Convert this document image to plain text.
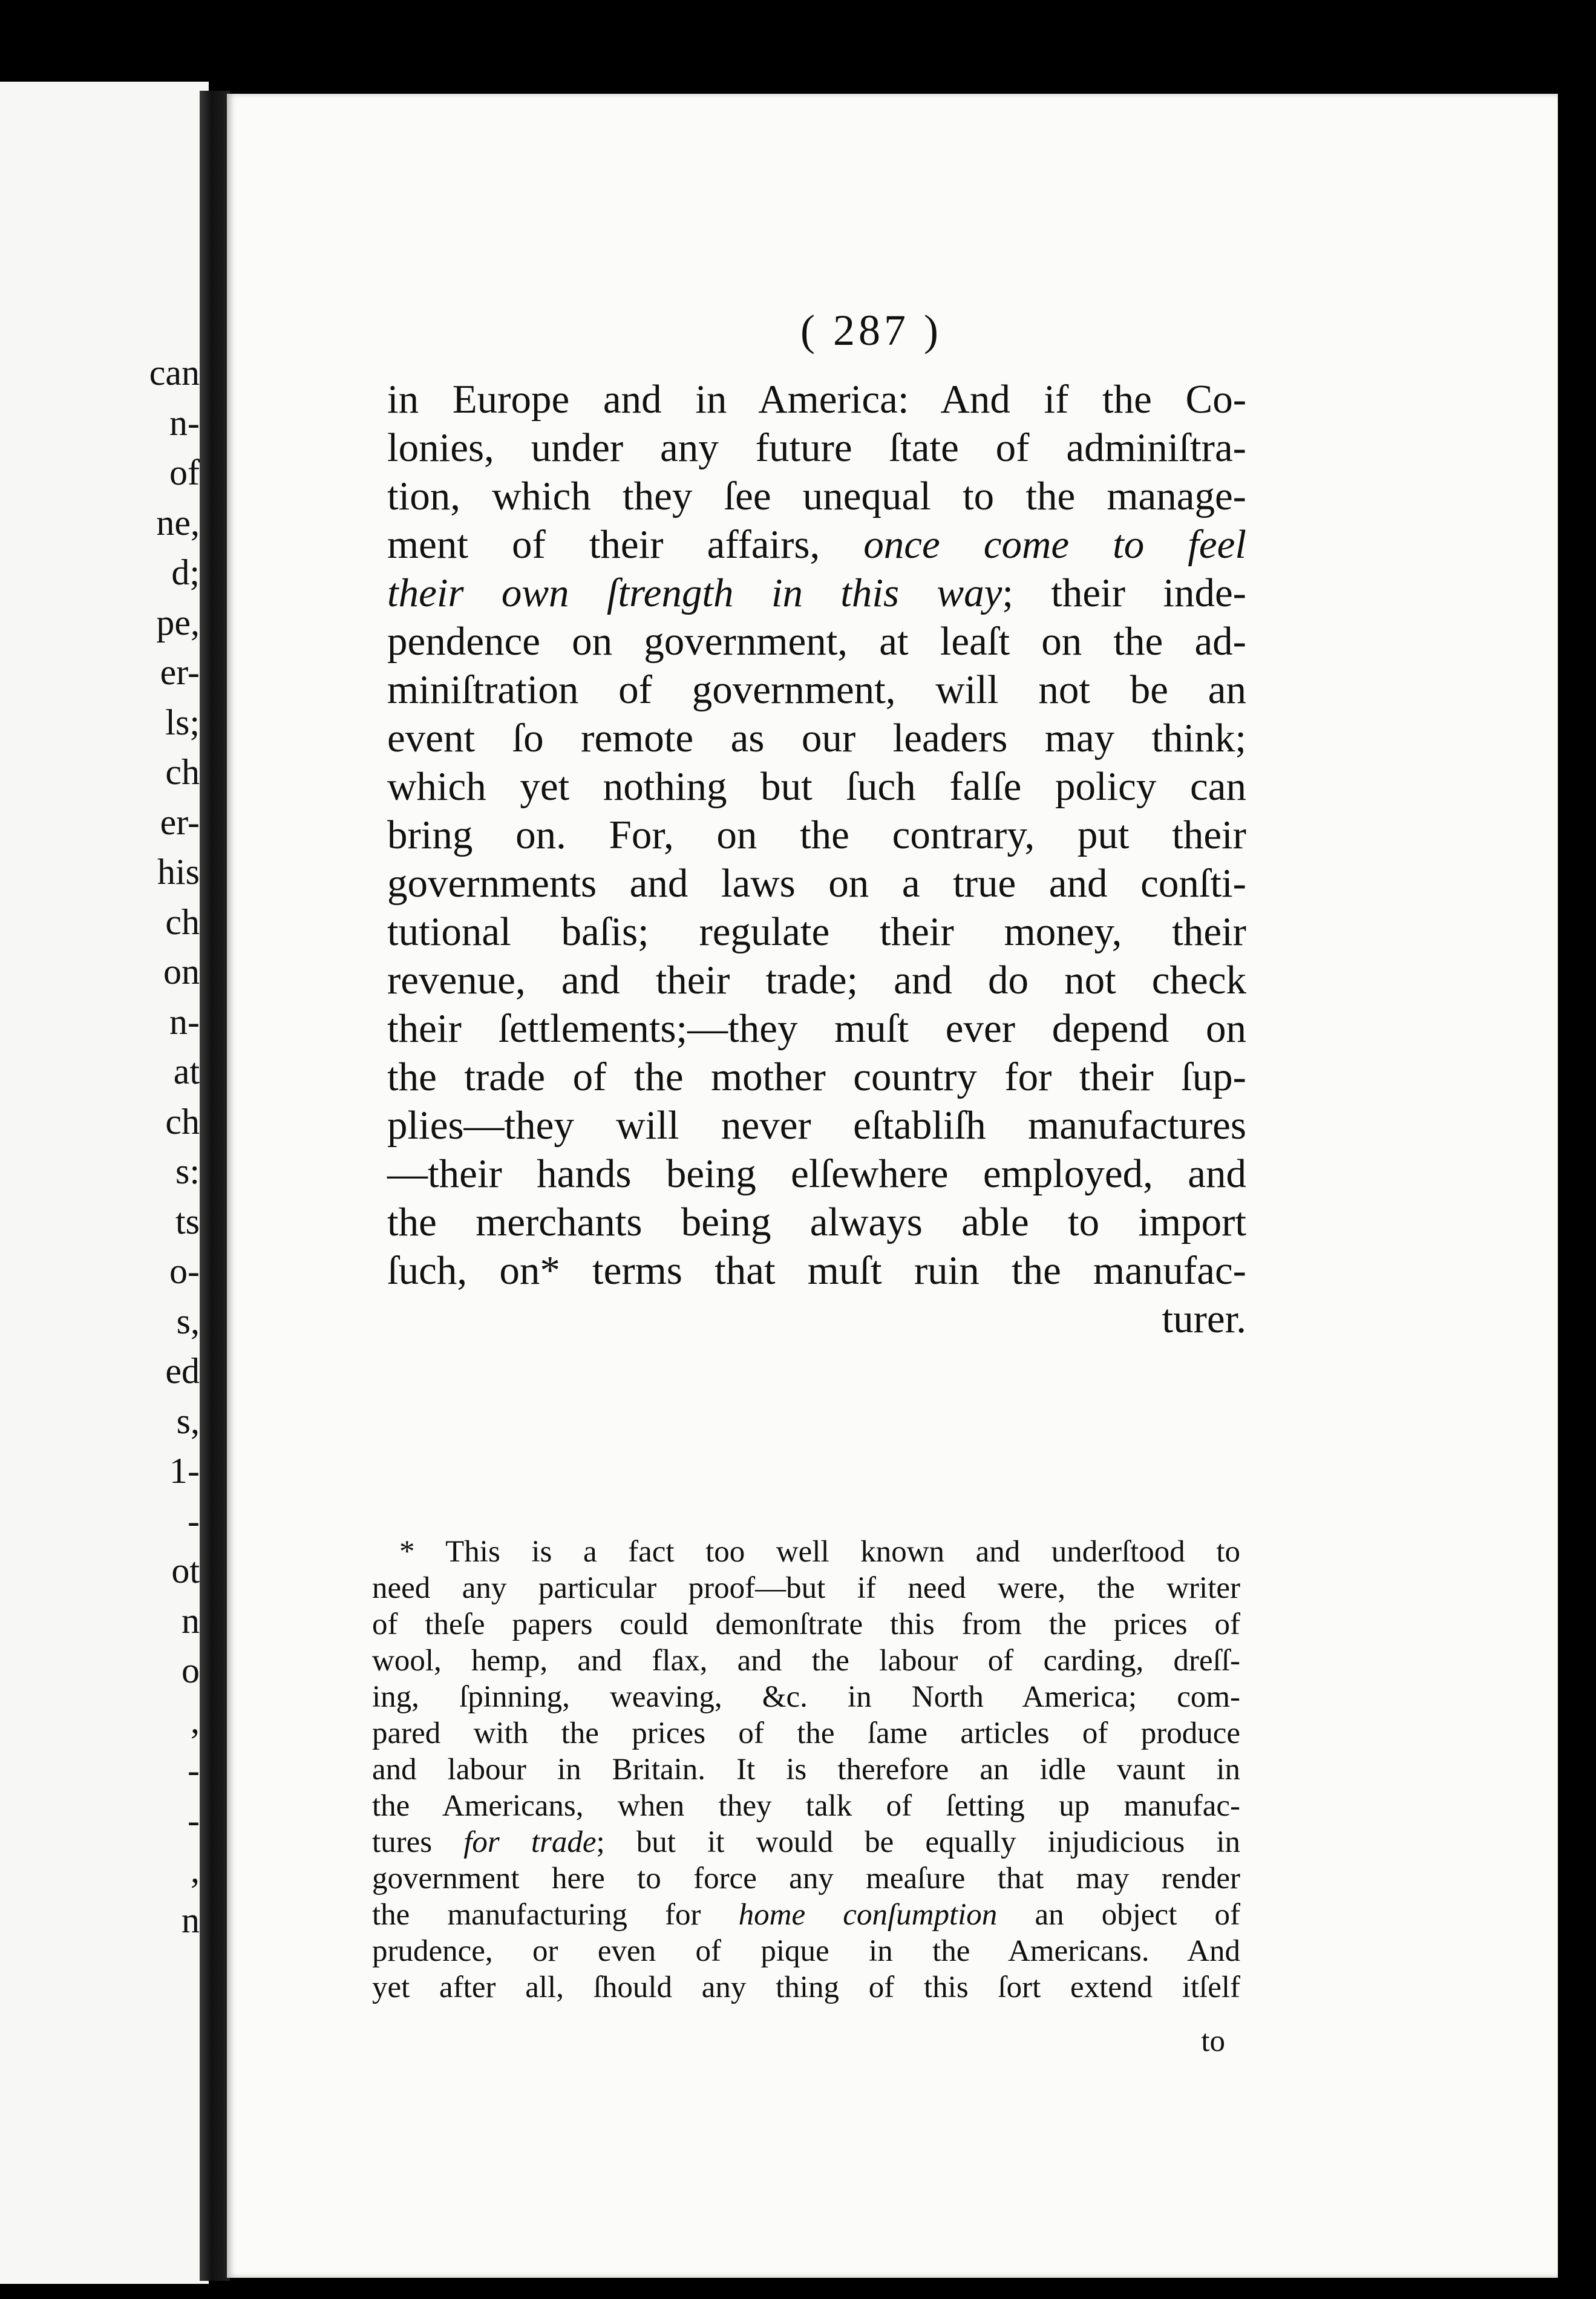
can
n-
of
ne,
d;
pe,
er-
ls;
ch
er-
his
ch
on
n-
at
ch
s:
ts
o-
s,
ed
s,
1-
-
ot
n
o
,
-
-
,
n
( 287 )
in Europe and in America: And if the Co-
lonies, under any future ſtate of adminiſtra-
tion, which they ſee unequal to the manage-
ment of their affairs, once come to feel
their own ſtrength in this way; their inde-
pendence on government, at leaſt on the ad-
miniſtration of government, will not be an
event ſo remote as our leaders may think;
which yet nothing but ſuch falſe policy can
bring on. For, on the contrary, put their
governments and laws on a true and conſti-
tutional baſis; regulate their money, their
revenue, and their trade; and do not check
their ſettlements;—they muſt ever depend on
the trade of the mother country for their ſup-
plies—they will never eſtabliſh manufactures
—their hands being elſewhere employed, and
the merchants being always able to import
ſuch, on* terms that muſt ruin the manufac-
turer.
* This is a fact too well known and underſtood to
need any particular proof—but if need were, the writer
of theſe papers could demonſtrate this from the prices of
wool, hemp, and flax, and the labour of carding, dreſſ-
ing, ſpinning, weaving, &c. in North America; com-
pared with the prices of the ſame articles of produce
and labour in Britain. It is therefore an idle vaunt in
the Americans, when they talk of ſetting up manufac-
tures for trade; but it would be equally injudicious in
government here to force any meaſure that may render
the manufacturing for home conſumption an object of
prudence, or even of pique in the Americans. And
yet after all, ſhould any thing of this ſort extend itſelf
to
